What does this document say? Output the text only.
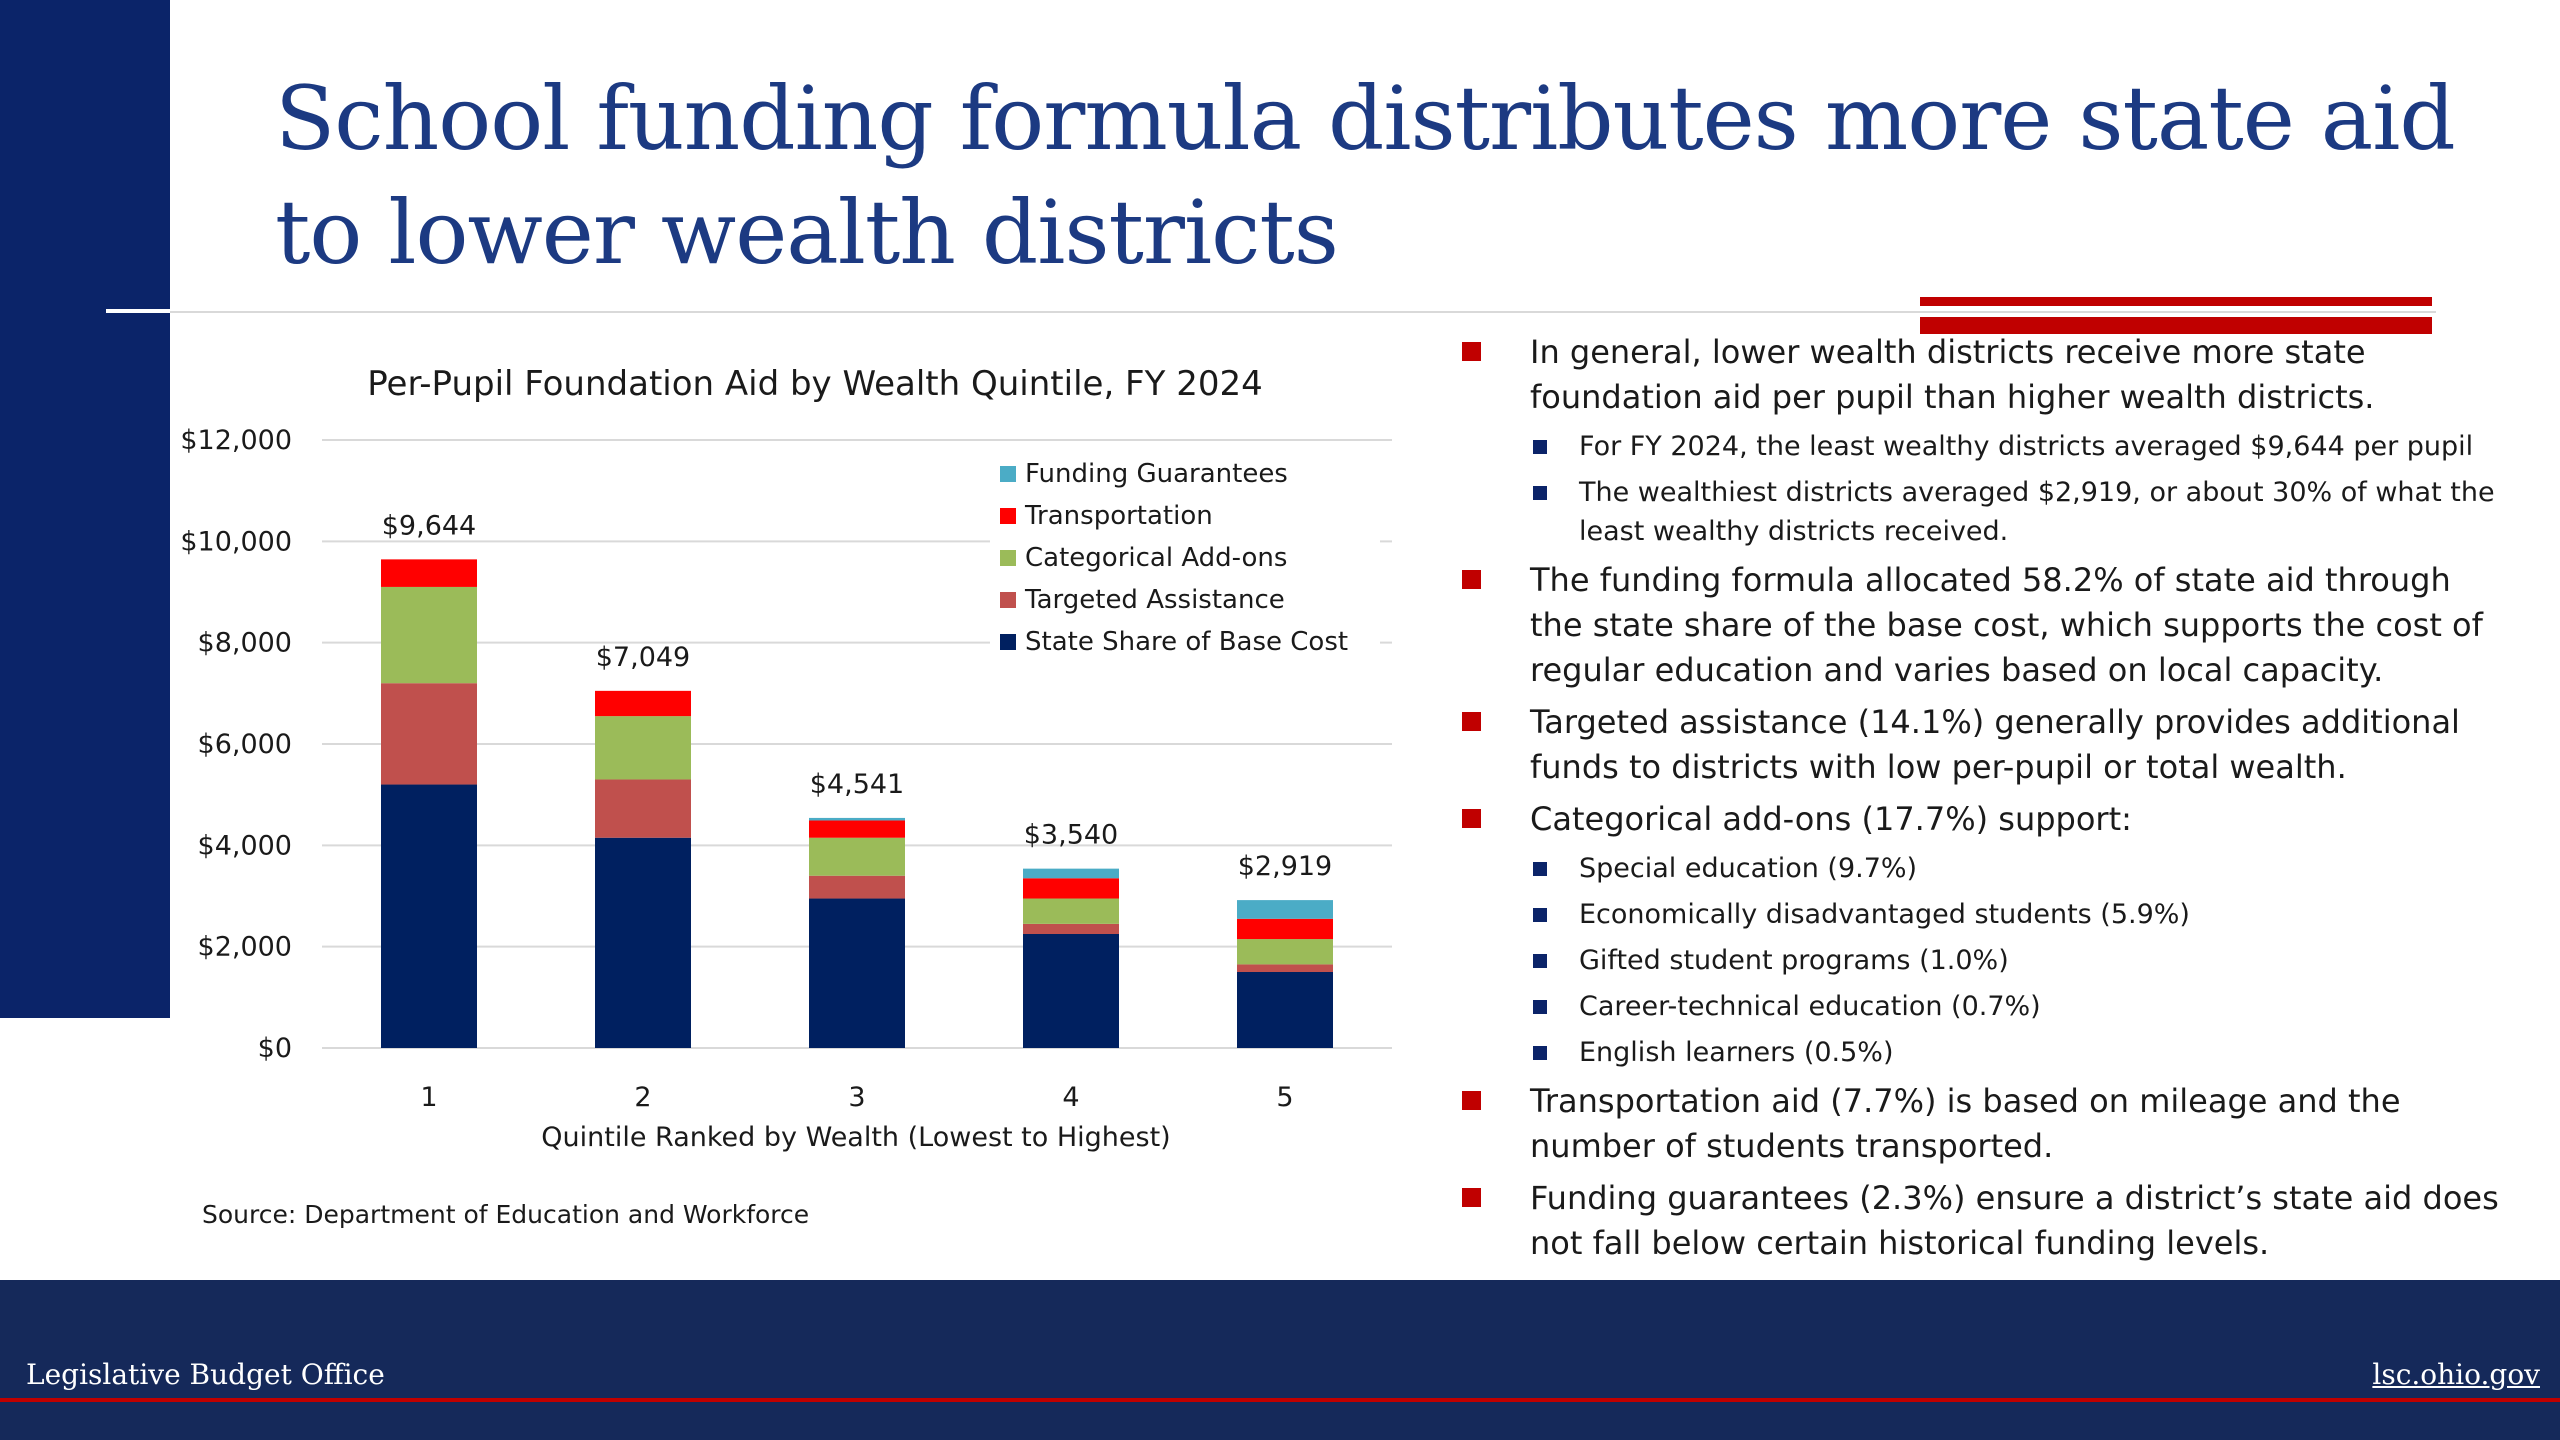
School funding formula distributes more state aid to lower wealth districts
Per-Pupil Foundation Aid by Wealth Quintile, FY 2024
$0
$2,000
$4,000
$6,000
$8,000
$10,000
$12,000
$9,644
$7,049
$4,541
$3,540
$2,919
1	2	3	4	5
Quintile Ranked by Wealth (Lowest to Highest)
Funding Guarantees
Transportation
Categorical Add-ons
Targeted Assistance
State Share of Base Cost
Source: Department of Education and Workforce
In general, lower wealth districts receive more state foundation aid per pupil than higher wealth districts.
For FY 2024, the least wealthy districts averaged $9,644 per pupil
The wealthiest districts averaged $2,919, or about 30% of what the least wealthy districts received.
The funding formula allocated 58.2% of state aid through the state share of the base cost, which supports the cost of regular education and varies based on local capacity.
Targeted assistance (14.1%) generally provides additional funds to districts with low per-pupil or total wealth.
Categorical add-ons (17.7%) support:
Special education (9.7%)
Economically disadvantaged students (5.9%)
Gifted student programs (1.0%)
Career-technical education (0.7%)
English learners (0.5%)
Transportation aid (7.7%) is based on mileage and the number of students transported.
Funding guarantees (2.3%) ensure a district’s state aid does not fall below certain historical funding levels.
Legislative Budget Office	lsc.ohio.gov
